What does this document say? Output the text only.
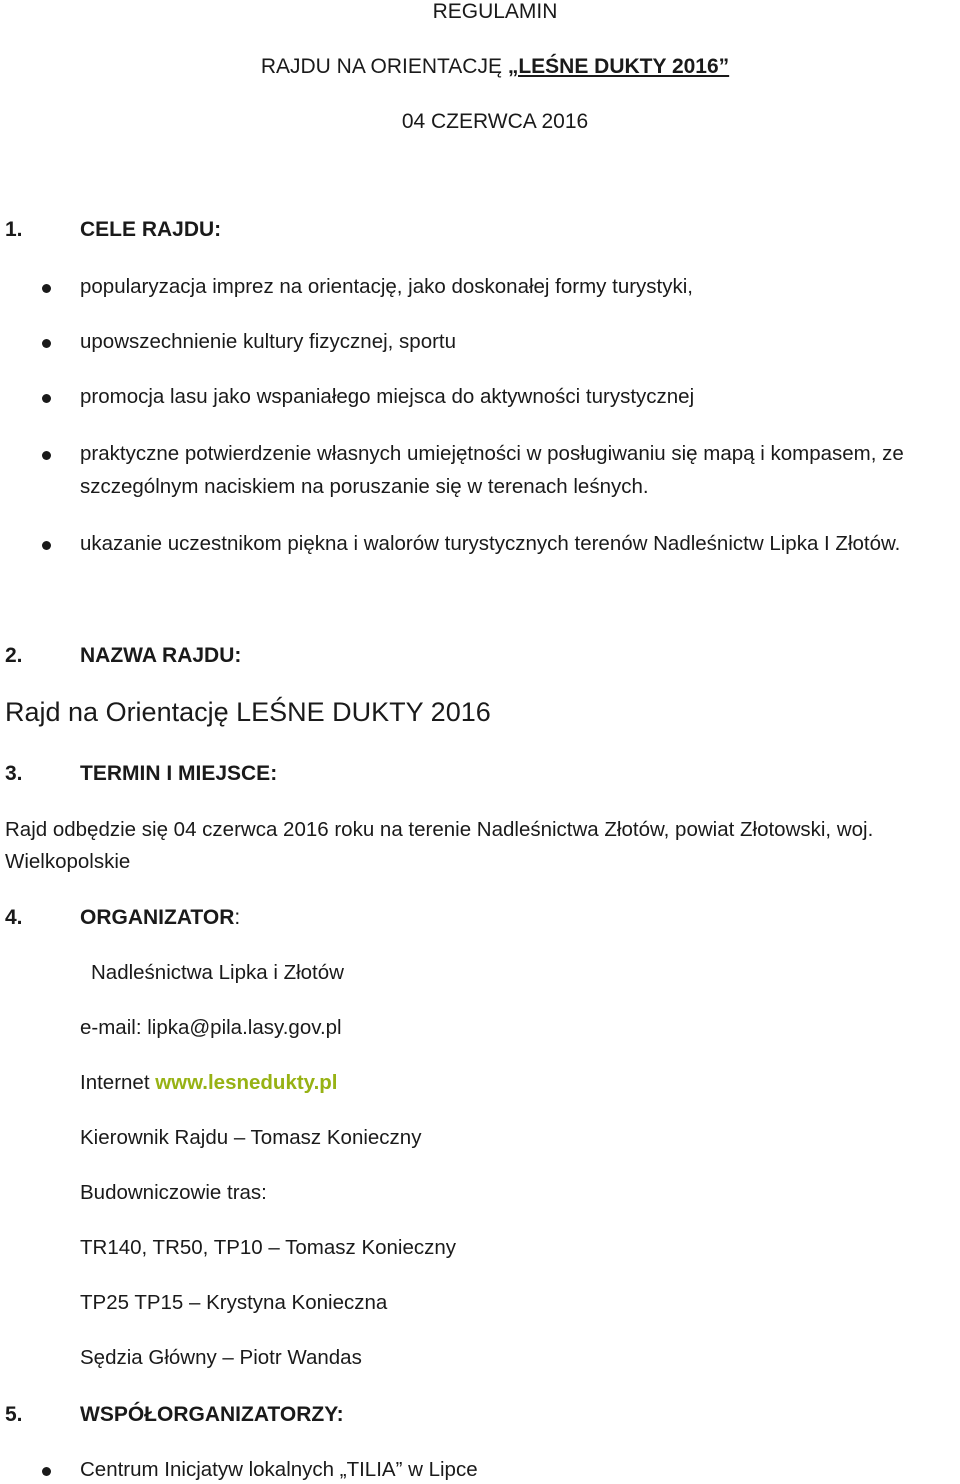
REGULAMIN
RAJDU NA ORIENTACJĘ „LEŚNE DUKTY 2016”
04 CZERWCA 2016
1.	CELE RAJDU:
popularyzacja imprez na orientację, jako doskonałej formy turystyki,
upowszechnienie kultury fizycznej, sportu
promocja lasu jako wspaniałego miejsca do aktywności turystycznej
praktyczne potwierdzenie własnych umiejętności w posługiwaniu się mapą i kompasem, ze
szczególnym naciskiem na poruszanie się w terenach leśnych.
ukazanie uczestnikom piękna i walorów turystycznych terenów Nadleśnictw Lipka I Złotów.
2.	NAZWA RAJDU:
Rajd na Orientację LEŚNE DUKTY 2016
3.	TERMIN I MIEJSCE:
Rajd odbędzie się 04 czerwca 2016 roku na terenie Nadleśnictwa Złotów, powiat Złotowski, woj.
Wielkopolskie
4.	ORGANIZATOR:
Nadleśnictwa Lipka i Złotów
e-mail: lipka@pila.lasy.gov.pl
Internet www.lesnedukty.pl
Kierownik Rajdu – Tomasz Konieczny
Budowniczowie tras:
TR140, TR50, TP10 – Tomasz Konieczny
TP25 TP15 – Krystyna Konieczna
Sędzia Główny – Piotr Wandas
5.	WSPÓŁORGANIZATORZY:
Centrum Inicjatyw lokalnych „TILIA” w Lipce
